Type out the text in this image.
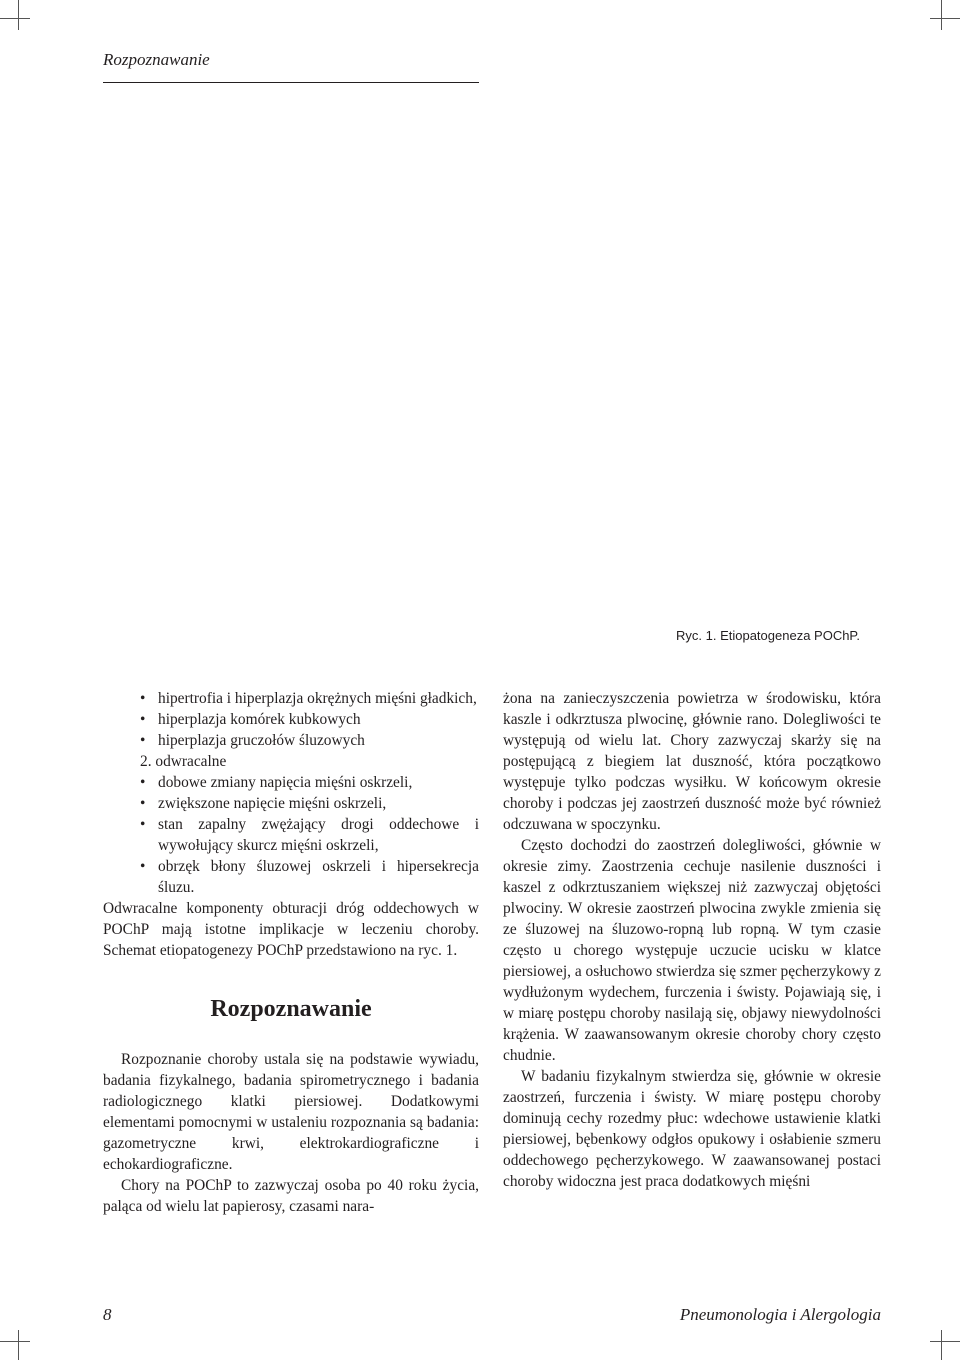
Rozpoznawanie
Ryc. 1. Etiopatogeneza POChP.
• hipertrofia i hiperplazja okrężnych mięśni gładkich,
• hiperplazja komórek kubkowych
• hiperplazja gruczołów śluzowych
2. odwracalne
• dobowe zmiany napięcia mięśni oskrzeli,
• zwiększone napięcie mięśni oskrzeli,
• stan zapalny zwężający drogi oddechowe i wywołujący skurcz mięśni oskrzeli,
• obrzęk błony śluzowej oskrzeli i hipersekrecja śluzu.

Odwracalne komponenty obturacji dróg oddechowych w POChP mają istotne implikacje w leczeniu choroby. Schemat etiopatogenezy POChP przedstawiono na ryc. 1.

Rozpoznawanie

Rozpoznanie choroby ustala się na podstawie wywiadu, badania fizykalnego, badania spirometrycznego i badania radiologicznego klatki piersiowej. Dodatkowymi elementami pomocnymi w ustaleniu rozpoznania są badania: gazometryczne krwi, elektrokardiograficzne i echokardiograficzne.

Chory na POChP to zazwyczaj osoba po 40 roku życia, paląca od wielu lat papierosy, czasami nara-

żona na zanieczyszczenia powietrza w środowisku, która kaszle i odkrztusza plwocinę, głównie rano. Dolegliwości te występują od wielu lat. Chory zazwyczaj skarży się na postępującą z biegiem lat duszność, która początkowo występuje tylko podczas wysiłku. W końcowym okresie choroby i podczas jej zaostrzeń duszność może być również odczuwana w spoczynku.

Często dochodzi do zaostrzeń dolegliwości, głównie w okresie zimy. Zaostrzenia cechuje nasilenie duszności i kaszel z odkrztuszaniem większej niż zazwyczaj objętości plwociny. W okresie zaostrzeń plwocina zwykle zmienia się ze śluzowej na śluzowo-ropną lub ropną. W tym czasie często u chorego występuje uczucie ucisku w klatce piersiowej, a osłuchowo stwierdza się szmer pęcherzykowy z wydłużonym wydechem, furczenia i świsty. Pojawiają się, i w miarę postępu choroby nasilają się, objawy niewydolności krążenia. W zaawansowanym okresie choroby chory często chudnie.

W badaniu fizykalnym stwierdza się, głównie w okresie zaostrzeń, furczenia i świsty. W miarę postępu choroby dominują cechy rozedmy płuc: wdechowe ustawienie klatki piersiowej, bębenkowy odgłos opukowy i osłabienie szmeru oddechowego pęcherzykowego. W zaawansowanej postaci choroby widoczna jest praca dodatkowych mięśni

8	Pneumonologia i Alergologia
